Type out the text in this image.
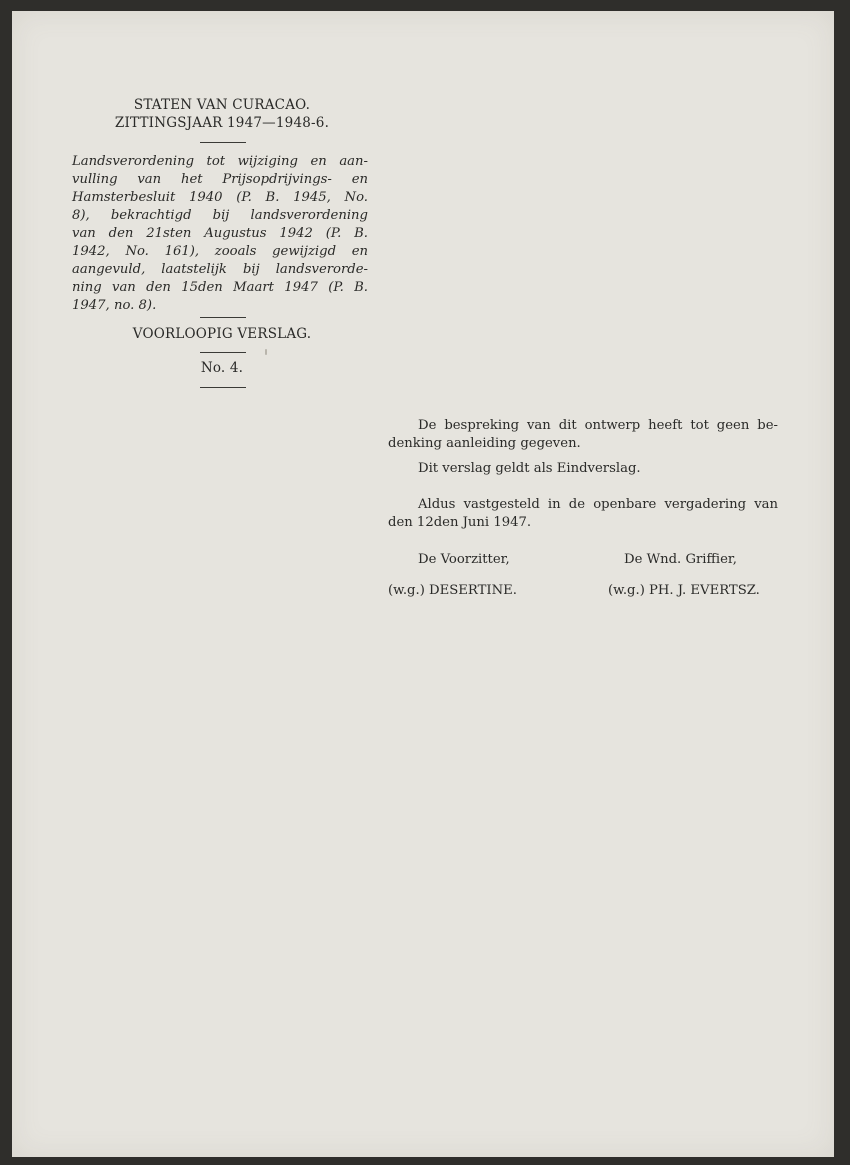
STATEN VAN CURACAO.
ZITTINGSJAAR 1947—1948-6.
Landsverordening tot wijziging en aan-
vulling van het Prijsopdrijvings- en
Hamsterbesluit 1940 (P. B. 1945, No.
8), bekrachtigd bij landsverordening
van den 21sten Augustus 1942 (P. B.
1942, No. 161), zooals gewijzigd en
aangevuld, laatstelijk bij landsverorde-
ning van den 15den Maart 1947 (P. B.
1947, no. 8).
VOORLOOPIG VERSLAG.
No. 4.
De bespreking van dit ontwerp heeft tot geen be-
denking aanleiding gegeven.
Dit verslag geldt als Eindverslag.
Aldus vastgesteld in de openbare vergadering van
den 12den Juni 1947.
De Voorzitter,	De Wnd. Griffier,
(w.g.) DESERTINE.	(w.g.) PH. J. EVERTSZ.
